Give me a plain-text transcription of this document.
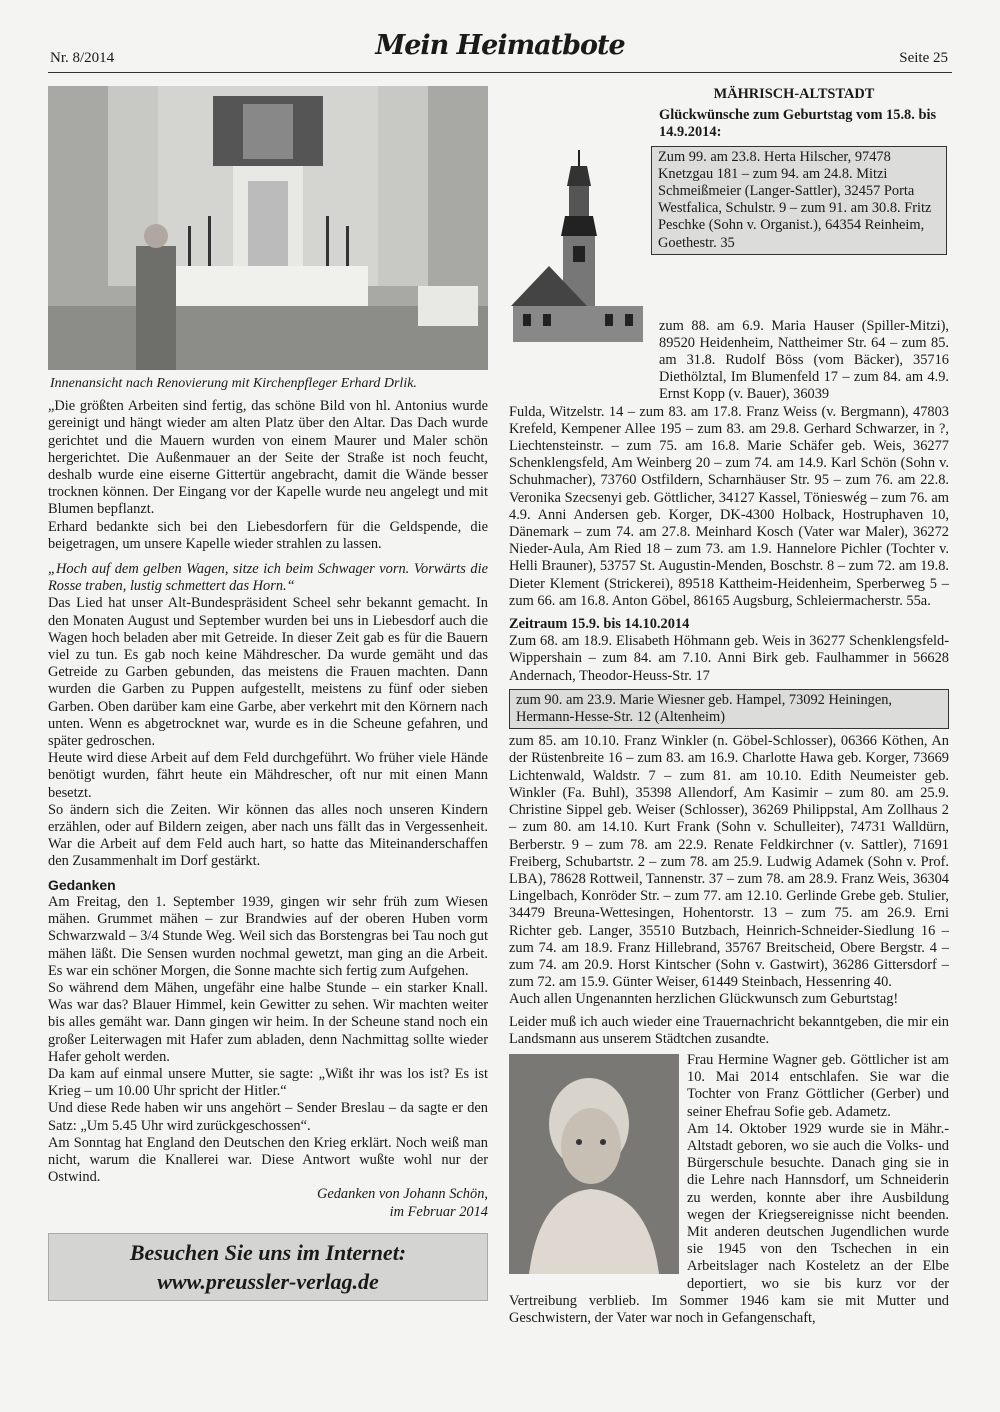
Nr. 8/2014	Mein Heimatbote	Seite 25
Innenansicht nach Renovierung mit Kirchenpfleger Erhard Drlik.

„Die größten Arbeiten sind fertig, das schöne Bild von hl. Antonius wurde gereinigt und hängt wieder am alten Platz über den Altar. Das Dach wurde gerichtet und die Mauern wurden von einem Maurer und Maler schön hergerichtet. Die Außenmauer an der Seite der Straße ist noch feucht, deshalb wurde eine eiserne Gittertür angebracht, damit die Wände besser trocknen können. Der Eingang vor der Kapelle wurde neu angelegt und mit Blumen bepflanzt.

Erhard bedankte sich bei den Liebesdorfern für die Geldspende, die beigetragen, um unsere Kapelle wieder strahlen zu lassen.

„Hoch auf dem gelben Wagen, sitze ich beim Schwager vorn. Vorwärts die Rosse traben, lustig schmettert das Horn.“

Das Lied hat unser Alt-Bundespräsident Scheel sehr bekannt gemacht. In den Monaten August und September wurden bei uns in Liebesdorf auch die Wagen hoch beladen aber mit Getreide. In dieser Zeit gab es für die Bauern viel zu tun. Es gab noch keine Mähdrescher. Da wurde gemäht und das Getreide zu Garben gebunden, das meistens die Frauen machten. Dann wurden die Garben zu Puppen aufgestellt, meistens zu fünf oder sieben Garben. Oben darüber kam eine Garbe, aber verkehrt mit den Körnern nach unten. Wenn es abgetrocknet war, wurde es in die Scheune gefahren, und später gedroschen.

Heute wird diese Arbeit auf dem Feld durchgeführt. Wo früher viele Hände benötigt wurden, fährt heute ein Mähdrescher, oft nur mit einen Mann besetzt.

So ändern sich die Zeiten. Wir können das alles noch unseren Kindern erzählen, oder auf Bildern zeigen, aber nach uns fällt das in Vergessenheit. War die Arbeit auf dem Feld auch hart, so hatte das Miteinanderschaffen den Zusammenhalt im Dorf gestärkt.

Gedanken

Am Freitag, den 1. September 1939, gingen wir sehr früh zum Wiesen mähen. Grummet mähen – zur Brandwies auf der oberen Huben vorm Schwarzwald – 3/4 Stunde Weg. Weil sich das Borstengras bei Tau noch gut mähen läßt. Die Sensen wurden nochmal gewetzt, man ging an die Arbeit. Es war ein schöner Morgen, die Sonne machte sich fertig zum Aufgehen.

So während dem Mähen, ungefähr eine halbe Stunde – ein starker Knall. Was war das? Blauer Himmel, kein Gewitter zu sehen. Wir machten weiter bis alles gemäht war. Dann gingen wir heim. In der Scheune stand noch ein großer Leiterwagen mit Hafer zum abladen, denn Nachmittag sollte wieder Hafer geholt werden.

Da kam auf einmal unsere Mutter, sie sagte: „Wißt ihr was los ist? Es ist Krieg – um 10.00 Uhr spricht der Hitler.“

Und diese Rede haben wir uns angehört – Sender Breslau – da sagte er den Satz: „Um 5.45 Uhr wird zurückgeschossen“.

Am Sonntag hat England den Deutschen den Krieg erklärt. Noch weiß man nicht, warum die Knallerei war. Diese Antwort wußte wohl nur der Ostwind.

Gedanken von Johann Schön,

im Februar 2014

Besuchen Sie uns im Internet:
www.preussler-verlag.de
MÄHRISCH-ALTSTADT
Glückwünsche zum Geburtstag vom 15.8. bis 14.9.2014:
Zum 99. am 23.8. Herta Hilscher, 97478 Knetzgau 181 – zum 94. am 24.8. Mitzi Schmeißmeier (Langer-Sattler), 32457 Porta Westfalica, Schulstr. 9 – zum 91. am 30.8. Fritz Peschke (Sohn v. Organist.), 64354 Reinheim, Goethestr. 35

zum 88. am 6.9. Maria Hauser (Spiller-Mitzi), 89520 Heidenheim, Nattheimer Str. 64 – zum 85. am 31.8. Rudolf Böss (vom Bäcker), 35716 Diethölztal, Im Blumenfeld 17 – zum 84. am 4.9. Ernst Kopp (v. Bauer), 36039

Fulda, Witzelstr. 14 – zum 83. am 17.8. Franz Weiss (v. Bergmann), 47803 Krefeld, Kempener Allee 195 – zum 83. am 29.8. Gerhard Schwarzer, in ?, Liechtensteinstr. – zum 75. am 16.8. Marie Schäfer geb. Weis, 36277 Schenklengsfeld, Am Weinberg 20 – zum 74. am 14.9. Karl Schön (Sohn v. Schuhmacher), 73760 Ostfildern, Scharnhäuser Str. 95 – zum 76. am 22.8. Veronika Szecsenyi geb. Göttlicher, 34127 Kassel, Tönieswég – zum 76. am 4.9. Anni Andersen geb. Korger, DK-4300 Holback, Hostruphaven 10, Dänemark – zum 74. am 27.8. Meinhard Kosch (Vater war Maler), 36272 Nieder-Aula, Am Ried 18 – zum 73. am 1.9. Hannelore Pichler (Tochter v. Helli Brauner), 53757 St. Augustin-Menden, Boschstr. 8 – zum 72. am 19.8. Dieter Klement (Strickerei), 89518 Kattheim-Heidenheim, Sperberweg 5 – zum 66. am 16.8. Anton Göbel, 86165 Augsburg, Schleiermacherstr. 55a.

Zeitraum 15.9. bis 14.10.2014

Zum 68. am 18.9. Elisabeth Höhmann geb. Weis in 36277 Schenklengsfeld-Wippershain – zum 84. am 7.10. Anni Birk geb. Faulhammer in 56628 Andernach, Theodor-Heuss-Str. 17

zum 90. am 23.9. Marie Wiesner geb. Hampel, 73092 Heiningen, Hermann-Hesse-Str. 12 (Altenheim)

zum 85. am 10.10. Franz Winkler (n. Göbel-Schlosser), 06366 Köthen, An der Rüstenbreite 16 – zum 83. am 16.9. Charlotte Hawa geb. Korger, 73669 Lichtenwald, Waldstr. 7 – zum 81. am 10.10. Edith Neumeister geb. Winkler (Fa. Buhl), 35398 Allendorf, Am Kasimir – zum 80. am 25.9. Christine Sippel geb. Weiser (Schlosser), 36269 Philippstal, Am Zollhaus 2 – zum 80. am 14.10. Kurt Frank (Sohn v. Schulleiter), 74731 Walldürn, Berberstr. 9 – zum 78. am 22.9. Renate Feldkirchner (v. Sattler), 71691 Freiberg, Schubartstr. 2 – zum 78. am 25.9. Ludwig Adamek (Sohn v. Prof. LBA), 78628 Rottweil, Tannenstr. 37 – zum 78. am 28.9. Franz Weis, 36304 Lingelbach, Konröder Str. – zum 77. am 12.10. Gerlinde Grebe geb. Stulier, 34479 Breuna-Wettesingen, Hohentorstr. 13 – zum 75. am 26.9. Erni Richter geb. Langer, 35510 Butzbach, Heinrich-Schneider-Siedlung 16 – zum 74. am 18.9. Franz Hillebrand, 35767 Breitscheid, Obere Bergstr. 4 – zum 74. am 20.9. Horst Kintscher (Sohn v. Gastwirt), 36286 Gittersdorf – zum 72. am 15.9. Günter Weiser, 61449 Steinbach, Hessenring 40.

Auch allen Ungenannten herzlichen Glückwunsch zum Geburtstag!

Leider muß ich auch wieder eine Trauernachricht bekanntgeben, die mir ein Landsmann aus unserem Städtchen zusandte.

Frau Hermine Wagner geb. Göttlicher ist am 10. Mai 2014 entschlafen. Sie war die Tochter von Franz Göttlicher (Gerber) und seiner Ehefrau Sofie geb. Adametz.

Am 14. Oktober 1929 wurde sie in Mähr.-Altstadt geboren, wo sie auch die Volks- und Bürgerschule besuchte. Danach ging sie in die Lehre nach Hannsdorf, um Schneiderin zu werden, konnte aber ihre Ausbildung wegen der Kriegsereignisse nicht beenden. Mit anderen deutschen Jugendlichen wurde sie 1945 von den Tschechen in ein Arbeitslager nach Kosteletz an der Elbe deportiert, wo sie bis kurz vor der Vertreibung verblieb. Im Sommer 1946 kam sie mit Mutter und Geschwistern, der Vater war noch in Gefangenschaft,
